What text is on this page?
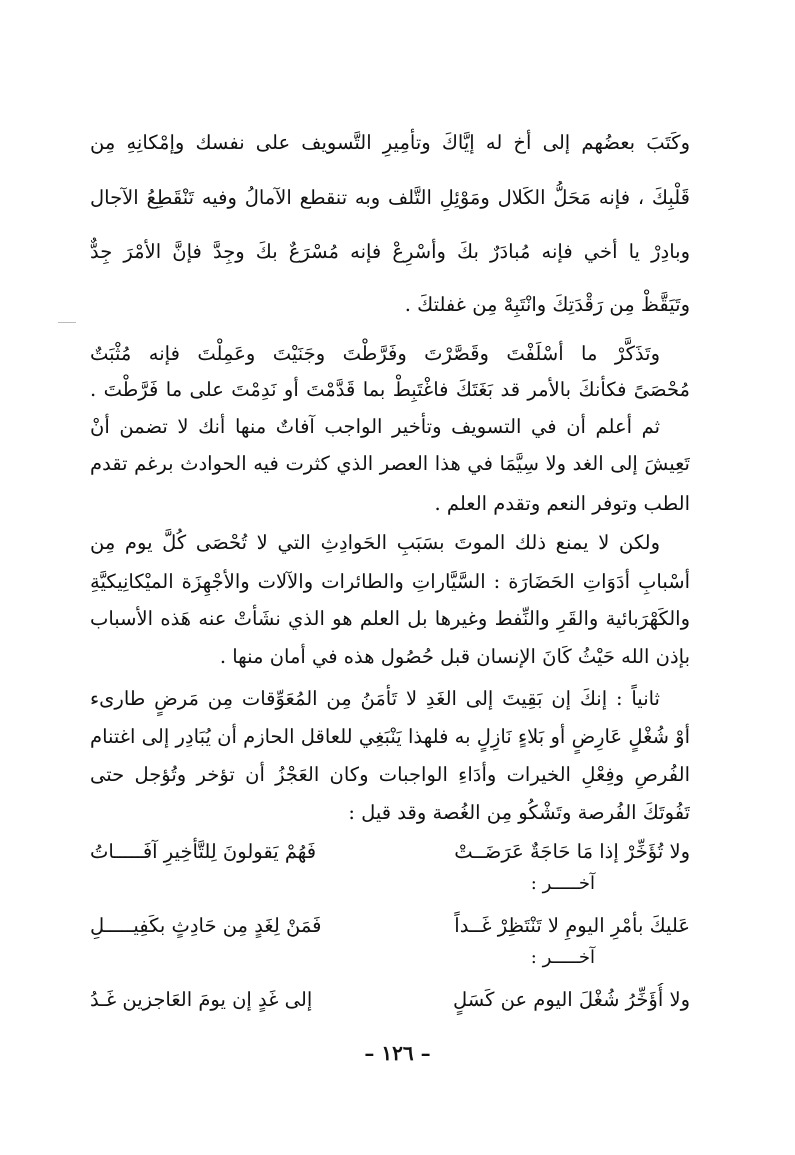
وكَتَبَ بعضُهم إلى أخ له إيَّاكَ وتأمِيرِ التَّسويف على نفسك وإمْكانِهِ مِن
قَلْبِكَ ، فإنه مَحَلُّ الكَلال ومَوْئِلِ التَّلف وبه تنقطع الآمالُ وفيه تَنْقَطِعُ الآجال
وبادِرْ يا أخي فإنه مُبادَرٌ بكَ وأسْرِعْ فإنه مُسْرَعٌ بكَ وجِدَّ فإنَّ الأمْرَ جِدٌّ
وتَيَقَّظْ مِن رَقْدَتِكَ وانْتَبِهْ مِن غفلتكَ .
وتَذَكَّرْ ما أسْلَفْتَ وقَصَّرْتَ وفَرَّطْتَ وجَنَيْتَ وعَمِلْتَ فإنه مُثْبَتٌ
مُحْصَىً فكأنكَ بالأمر قد بَغَتَكَ فاغْتَبِطْ بما قَدَّمْتَ أو نَدِمْتَ على ما فَرَّطْتَ .
ثم أعلم أن في التسويف وتأخير الواجب آفاتٌ منها أنك لا تضمن أنْ
تَعِيشَ إلى الغد ولا سِيَّمَا في هذا العصر الذي كثرت فيه الحوادث برغم تقدم
الطب وتوفر النعم وتقدم العلم .
ولكن لا يمنع ذلك الموتَ بسَبَبِ الحَوادِثِ التي لا تُحْصَى كُلَّ يوم مِن
أسْبابِ أدَوَاتِ الحَضَارَة : السَّيَّاراتِ والطائرات والآلات والأجْهِزَة الميْكانِيكيَّةِ
والكَهْرَبائية والقَرِ والنِّفط وغيرها بل العلم هو الذي نشَأتْ عنه هَذه الأسباب
بإذن الله حَيْثُ كَانَ الإنسان قبل حُصُول هذه في أمان منها .
ثانياً : إنكَ إن بَقِيتَ إلى الغَدِ لا تَأمَنُ مِن المُعَوِّقات مِن مَرضٍ طارىء
أوْ شُغْلٍ عَارِضٍ أو بَلاءٍ نَازِلٍ به فلهذا يَنْبَغِي للعاقل الحازم أن يُبَادِر إلى اغتنام
الفُرصِ وفِعْلِ الخيرات وأدَاءِ الواجبات وكان العَجْزُ أن تؤخر وتُؤجل حتى
تَفُوتَكَ الفُرصة وتَشْكُو مِن الغُصة وقد قيل :
ولا تُؤَخِّرْ إذا مَا حَاجَةٌ عَرَضَــتْ
فَهُمْ يَقولونَ لِلتَّأخِيرِ آفَـــــاتُ
آخـــــر :
عَليكَ بأمْرِ اليومِ لا تَنْتَظِرْ غَــداً
فَمَنْ لِغَدٍ مِن حَادِثٍ بكَفِيـــــلِ
آخـــــر :
ولا أُؤَخِّرُ شُغْلَ اليوم عن كَسَلٍ
إلى غَدٍ إن يومَ العَاجزين غَـدُ
– ١٢٦ –
